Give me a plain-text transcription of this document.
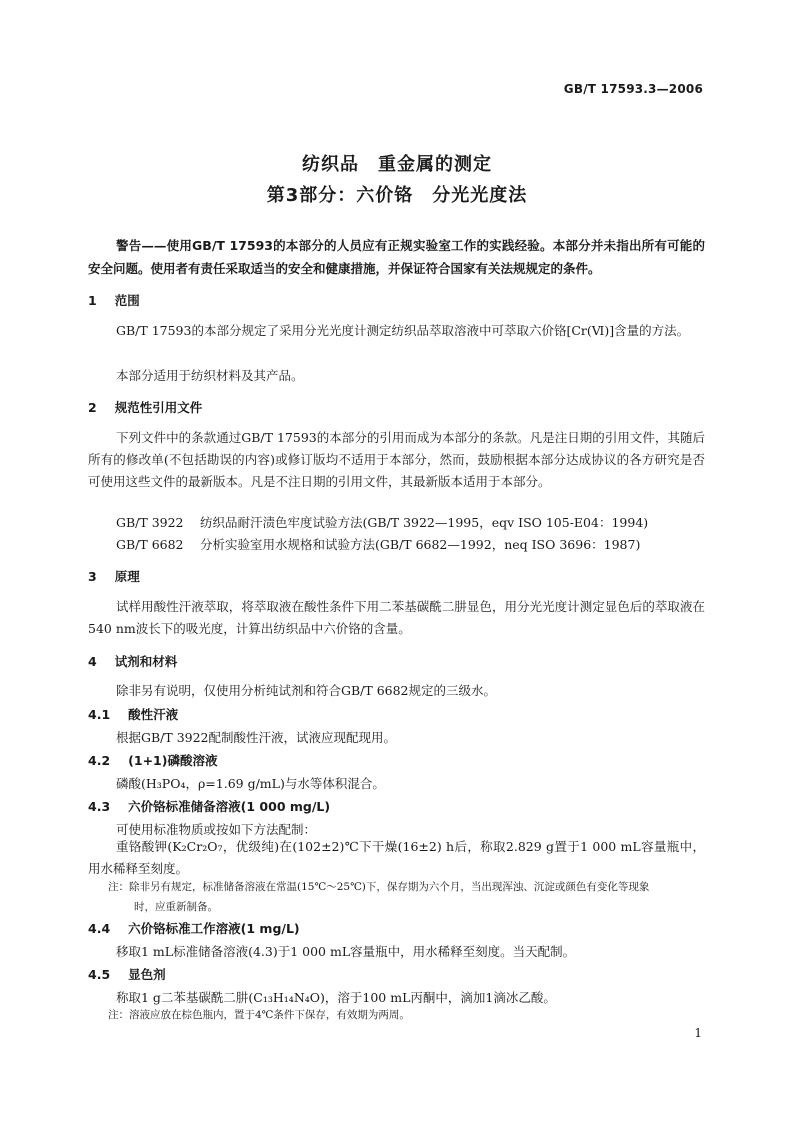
GB/T 17593.3—2006
纺织品　重金属的测定
第3部分：六价铬　分光光度法
警告——使用GB/T 17593的本部分的人员应有正规实验室工作的实践经验。本部分并未指出所有可能的安全问题。使用者有责任采取适当的安全和健康措施，并保证符合国家有关法规规定的条件。
1 范围
GB/T 17593的本部分规定了采用分光光度计测定纺织品萃取溶液中可萃取六价铬[Cr(Ⅵ)]含量的方法。
本部分适用于纺织材料及其产品。
2 规范性引用文件
下列文件中的条款通过GB/T 17593的本部分的引用而成为本部分的条款。凡是注日期的引用文件，其随后所有的修改单(不包括勘误的内容)或修订版均不适用于本部分，然而，鼓励根据本部分达成协议的各方研究是否可使用这些文件的最新版本。凡是不注日期的引用文件，其最新版本适用于本部分。
GB/T 3922 纺织品耐汗渍色牢度试验方法(GB/T 3922—1995，eqv ISO 105-E04：1994)
GB/T 6682 分析实验室用水规格和试验方法(GB/T 6682—1992，neq ISO 3696：1987)
3 原理
试样用酸性汗液萃取，将萃取液在酸性条件下用二苯基碳酰二肼显色，用分光光度计测定显色后的萃取液在540 nm波长下的吸光度，计算出纺织品中六价铬的含量。
4 试剂和材料
除非另有说明，仅使用分析纯试剂和符合GB/T 6682规定的三级水。
4.1 酸性汗液
根据GB/T 3922配制酸性汗液，试液应现配现用。
4.2 (1+1)磷酸溶液
磷酸(H₃PO₄，ρ=1.69 g/mL)与水等体积混合。
4.3 六价铬标准储备溶液(1 000 mg/L)
可使用标准物质或按如下方法配制：
重铬酸钾(K₂Cr₂O₇，优级纯)在(102±2)℃下干燥(16±2) h后，称取2.829 g置于1 000 mL容量瓶中，用水稀释至刻度。
注：除非另有规定，标准储备溶液在常温(15℃～25℃)下，保存期为六个月，当出现浑浊、沉淀或颜色有变化等现象
时，应重新制备。
4.4 六价铬标准工作溶液(1 mg/L)
移取1 mL标准储备溶液(4.3)于1 000 mL容量瓶中，用水稀释至刻度。当天配制。
4.5 显色剂
称取1 g二苯基碳酰二肼(C₁₃H₁₄N₄O)，溶于100 mL丙酮中，滴加1滴冰乙酸。
注：溶液应放在棕色瓶内，置于4℃条件下保存，有效期为两周。
1
